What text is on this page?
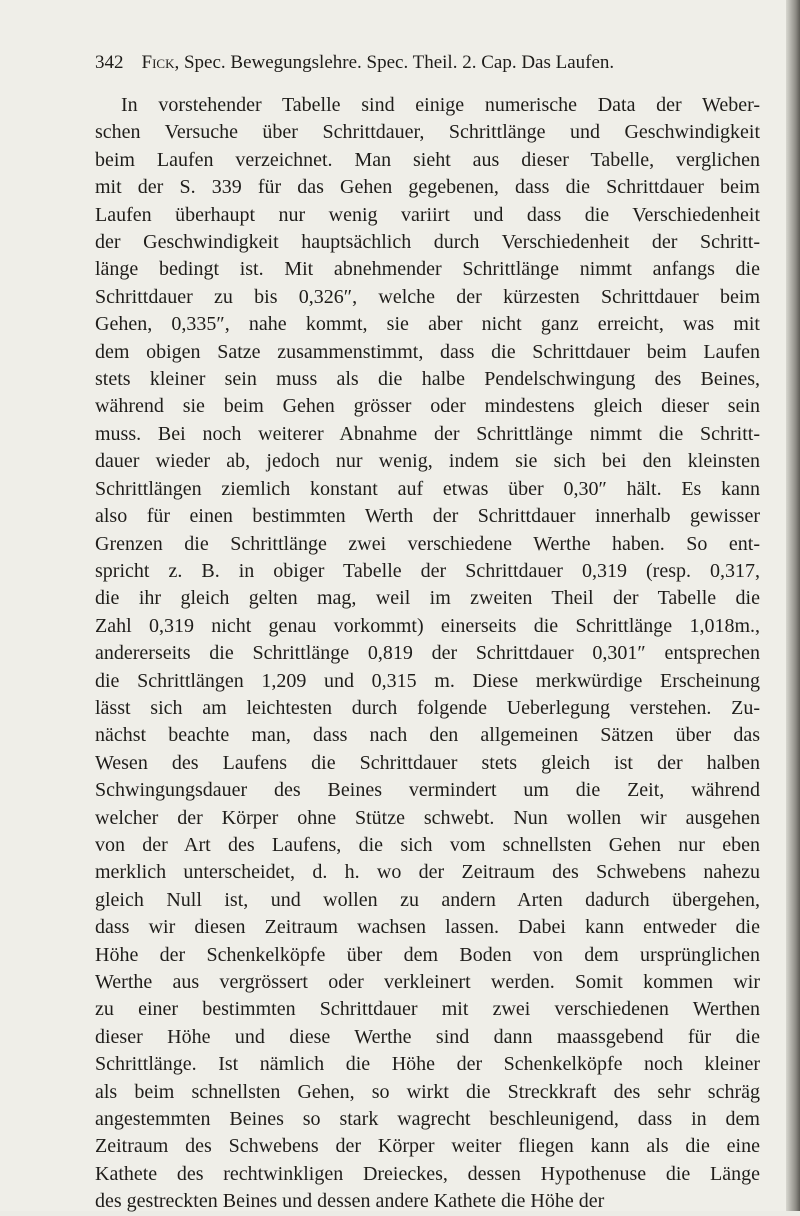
342 Fick, Spec. Bewegungslehre. Spec. Theil. 2. Cap. Das Laufen.
In vorstehender Tabelle sind einige numerische Data der Weber-
schen Versuche über Schrittdauer, Schrittlänge und Geschwindigkeit
beim Laufen verzeichnet. Man sieht aus dieser Tabelle, verglichen
mit der S. 339 für das Gehen gegebenen, dass die Schrittdauer beim
Laufen überhaupt nur wenig variirt und dass die Verschiedenheit
der Geschwindigkeit hauptsächlich durch Verschiedenheit der Schritt-
länge bedingt ist. Mit abnehmender Schrittlänge nimmt anfangs die
Schrittdauer zu bis 0,326″, welche der kürzesten Schrittdauer beim
Gehen, 0,335″, nahe kommt, sie aber nicht ganz erreicht, was mit
dem obigen Satze zusammenstimmt, dass die Schrittdauer beim Laufen
stets kleiner sein muss als die halbe Pendelschwingung des Beines,
während sie beim Gehen grösser oder mindestens gleich dieser sein
muss. Bei noch weiterer Abnahme der Schrittlänge nimmt die Schritt-
dauer wieder ab, jedoch nur wenig, indem sie sich bei den kleinsten
Schrittlängen ziemlich konstant auf etwas über 0,30″ hält. Es kann
also für einen bestimmten Werth der Schrittdauer innerhalb gewisser
Grenzen die Schrittlänge zwei verschiedene Werthe haben. So ent-
spricht z. B. in obiger Tabelle der Schrittdauer 0,319 (resp. 0,317,
die ihr gleich gelten mag, weil im zweiten Theil der Tabelle die
Zahl 0,319 nicht genau vorkommt) einerseits die Schrittlänge 1,018m.,
andererseits die Schrittlänge 0,819 der Schrittdauer 0,301″ entsprechen
die Schrittlängen 1,209 und 0,315 m. Diese merkwürdige Erscheinung
lässt sich am leichtesten durch folgende Ueberlegung verstehen. Zu-
nächst beachte man, dass nach den allgemeinen Sätzen über das
Wesen des Laufens die Schrittdauer stets gleich ist der halben
Schwingungsdauer des Beines vermindert um die Zeit, während
welcher der Körper ohne Stütze schwebt. Nun wollen wir ausgehen
von der Art des Laufens, die sich vom schnellsten Gehen nur eben
merklich unterscheidet, d. h. wo der Zeitraum des Schwebens nahezu
gleich Null ist, und wollen zu andern Arten dadurch übergehen,
dass wir diesen Zeitraum wachsen lassen. Dabei kann entweder die
Höhe der Schenkelköpfe über dem Boden von dem ursprünglichen
Werthe aus vergrössert oder verkleinert werden. Somit kommen wir
zu einer bestimmten Schrittdauer mit zwei verschiedenen Werthen
dieser Höhe und diese Werthe sind dann maassgebend für die
Schrittlänge. Ist nämlich die Höhe der Schenkelköpfe noch kleiner
als beim schnellsten Gehen, so wirkt die Streckkraft des sehr schräg
angestemmten Beines so stark wagrecht beschleunigend, dass in dem
Zeitraum des Schwebens der Körper weiter fliegen kann als die eine
Kathete des rechtwinkligen Dreieckes, dessen Hypothenuse die Länge
des gestreckten Beines und dessen andere Kathete die Höhe der
